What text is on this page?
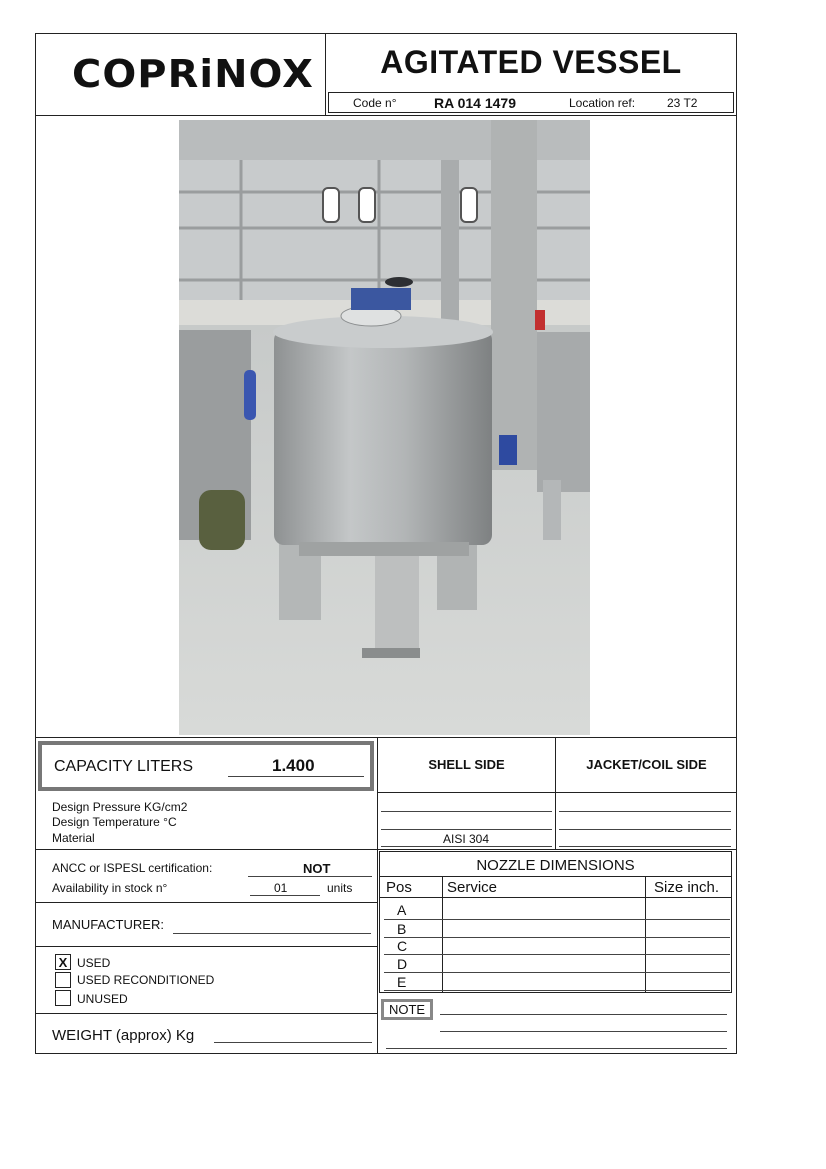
COPRiNOX	AGITATED VESSEL
Code n°	RA 014 1479	Location ref:	23 T2
CAPACITY LITERS	1.400	SHELL SIDE	JACKET/COIL SIDE
Design Pressure KG/cm2
Design Temperature °C
Material	AISI 304
ANCC or ISPESL certification:	NOT
Availability in stock n°	01	units
MANUFACTURER:
X USED
USED RECONDITIONED
UNUSED
WEIGHT (approx) Kg
NOZZLE DIMENSIONS
Pos Service	Size inch.
A
B
C
D
E
NOTE
